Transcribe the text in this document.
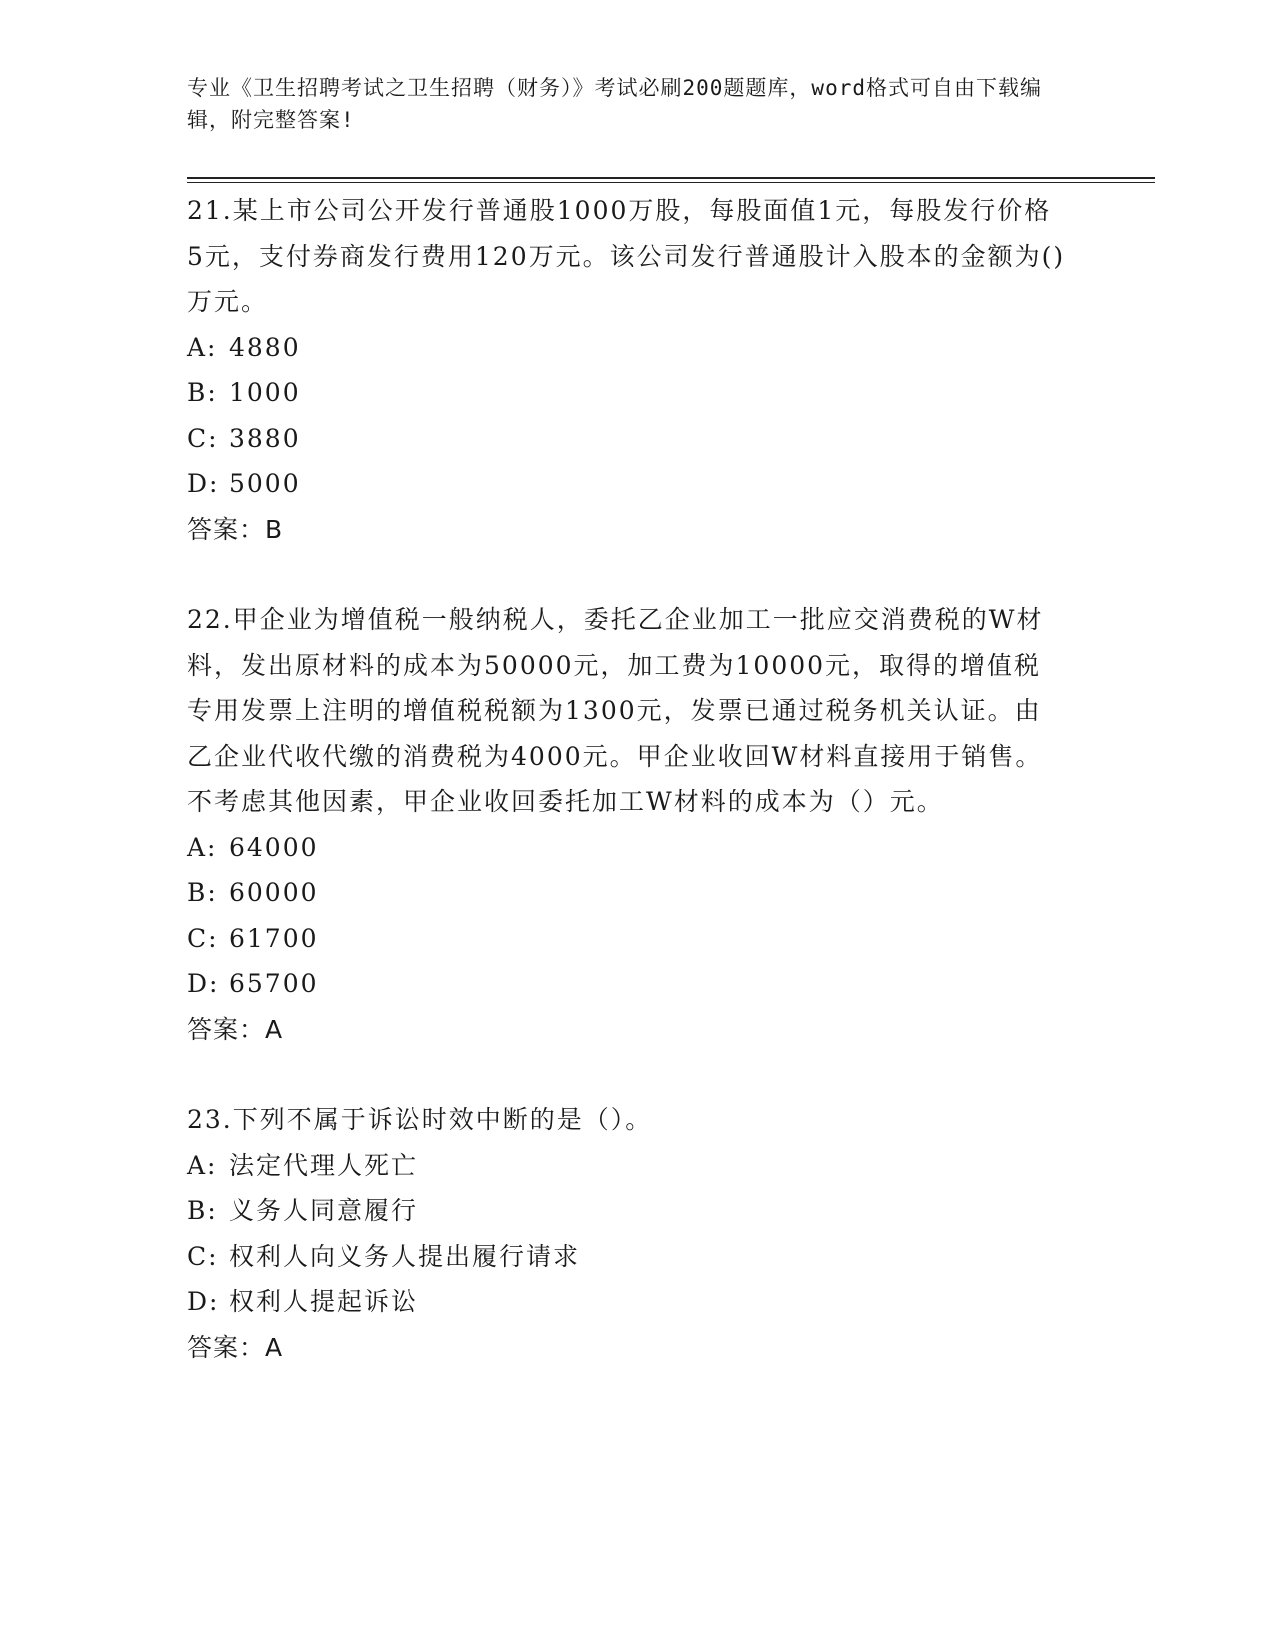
专业《卫生招聘考试之卫生招聘（财务）》考试必刷200题题库，word格式可自由下载编辑，附完整答案!

21.某上市公司公开发行普通股1000万股，每股面值1元，每股发行价格5元，支付券商发行费用120万元。该公司发行普通股计入股本的金额为()万元。

A: 4880

B: 1000

C: 3880

D: 5000

答案：B

22.甲企业为增值税一般纳税人，委托乙企业加工一批应交消费税的W材料，发出原材料的成本为50000元，加工费为10000元，取得的增值税专用发票上注明的增值税税额为1300元，发票已通过税务机关认证。由乙企业代收代缴的消费税为4000元。甲企业收回W材料直接用于销售。不考虑其他因素，甲企业收回委托加工W材料的成本为（）元。

A: 64000

B: 60000

C: 61700

D: 65700

答案：A

23.下列不属于诉讼时效中断的是（）。

A: 法定代理人死亡

B: 义务人同意履行

C: 权利人向义务人提出履行请求

D: 权利人提起诉讼

答案：A
